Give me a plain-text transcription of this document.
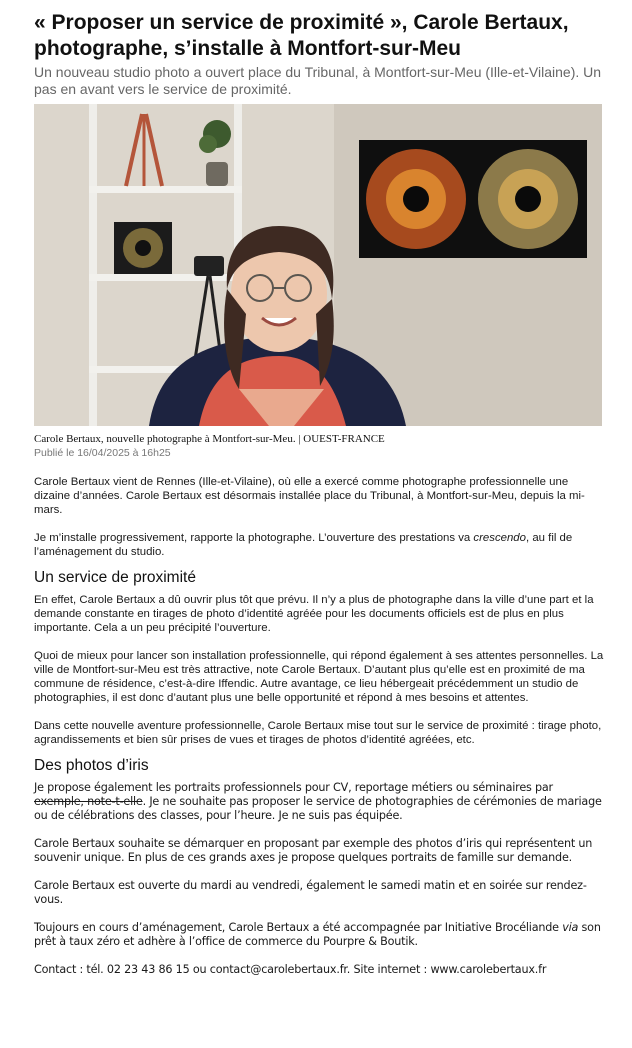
« Proposer un service de proximité », Carole Bertaux, photographe, s’installe à Montfort-sur-Meu

Un nouveau studio photo a ouvert place du Tribunal, à Montfort-sur-Meu (Ille-et-Vilaine). Un pas en avant vers le service de proximité.

Carole Bertaux, nouvelle photographe à Montfort-sur-Meu. | OUEST-FRANCE
Publié le 16/04/2025 à 16h25

Carole Bertaux vient de Rennes (Ille-et-Vilaine), où elle a exercé comme photographe professionnelle une dizaine d’années. Carole Bertaux est désormais installée place du Tribunal, à Montfort-sur-Meu, depuis la mi-mars.

Je m’installe progressivement, rapporte la photographe. L’ouverture des prestations va crescendo, au fil de l’aménagement du studio.

Un service de proximité

En effet, Carole Bertaux a dû ouvrir plus tôt que prévu. Il n’y a plus de photographe dans la ville d’une part et la demande constante en tirages de photo d’identité agréée pour les documents officiels est de plus en plus importante. Cela a un peu précipité l’ouverture.

Quoi de mieux pour lancer son installation professionnelle, qui répond également à ses attentes personnelles. La ville de Montfort-sur-Meu est très attractive, note Carole Bertaux. D’autant plus qu’elle est en proximité de ma commune de résidence, c’est-à-dire Iffendic. Autre avantage, ce lieu hébergeait précédemment un studio de photographies, il est donc d’autant plus une belle opportunité et répond à mes besoins et attentes.

Dans cette nouvelle aventure professionnelle, Carole Bertaux mise tout sur le service de proximité : tirage photo, agrandissements et bien sûr prises de vues et tirages de photos d’identité agréées, etc.

Des photos d’iris

Je propose également les portraits professionnels pour CV, reportage métiers ou séminaires par exemple, note-t-elle. Je ne souhaite pas proposer le service de photographies de cérémonies de mariage ou de célébrations des classes, pour l’heure. Je ne suis pas équipée.

Carole Bertaux souhaite se démarquer en proposant par exemple des photos d’iris qui représentent un souvenir unique. En plus de ces grands axes je propose quelques portraits de famille sur demande.

Carole Bertaux est ouverte du mardi au vendredi, également le samedi matin et en soirée sur rendez-vous.

Toujours en cours d’aménagement, Carole Bertaux a été accompagnée par Initiative Brocéliande via son prêt à taux zéro et adhère à l’office de commerce du Pourpre & Boutik.

Contact : tél. 02 23 43 86 15 ou contact@carolebertaux.fr. Site internet : www.carolebertaux.fr
